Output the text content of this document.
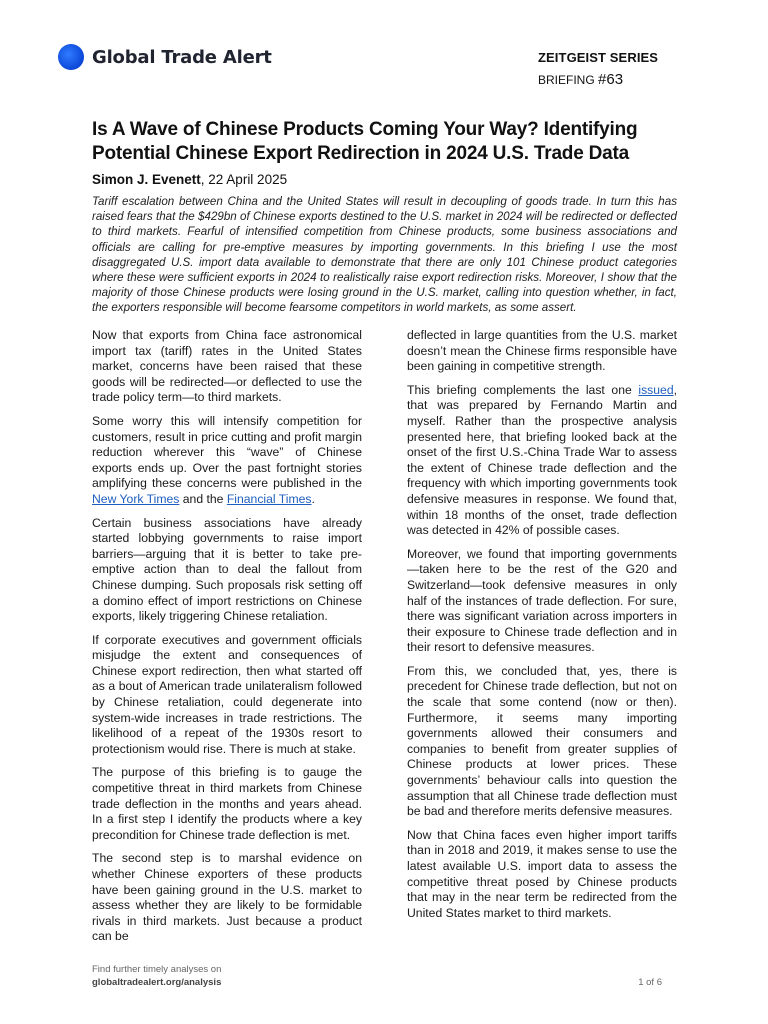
Global Trade Alert	ZEITGEIST SERIES
BRIEFING #63
Is A Wave of Chinese Products Coming Your Way? Identifying Potential Chinese Export Redirection in 2024 U.S. Trade Data
Simon J. Evenett, 22 April 2025

Tariff escalation between China and the United States will result in decoupling of goods trade. In turn this has raised fears that the $429bn of Chinese exports destined to the U.S. market in 2024 will be redirected or deflected to third markets. Fearful of intensified competition from Chinese products, some business associations and officials are calling for pre-emptive measures by importing governments. In this briefing I use the most disaggregated U.S. import data available to demonstrate that there are only 101 Chinese product categories where these were sufficient exports in 2024 to realistically raise export redirection risks. Moreover, I show that the majority of those Chinese products were losing ground in the U.S. market, calling into question whether, in fact, the exporters responsible will become fearsome competitors in world markets, as some assert.

Now that exports from China face astronomical import tax (tariff) rates in the United States market, concerns have been raised that these goods will be redirected—or deflected to use the trade policy term—to third markets.

Some worry this will intensify competition for customers, result in price cutting and profit margin reduction wherever this “wave” of Chinese exports ends up. Over the past fortnight stories amplifying these concerns were published in the New York Times and the Financial Times.

Certain business associations have already started lobbying governments to raise import barriers—arguing that it is better to take pre-emptive action than to deal the fallout from Chinese dumping. Such proposals risk setting off a domino effect of import restrictions on Chinese exports, likely triggering Chinese retaliation.

If corporate executives and government officials misjudge the extent and consequences of Chinese export redirection, then what started off as a bout of American trade unilateralism followed by Chinese retaliation, could degenerate into system-wide increases in trade restrictions. The likelihood of a repeat of the 1930s resort to protectionism would rise. There is much at stake.

The purpose of this briefing is to gauge the competitive threat in third markets from Chinese trade deflection in the months and years ahead. In a first step I identify the products where a key precondition for Chinese trade deflection is met.

The second step is to marshal evidence on whether Chinese exporters of these products have been gaining ground in the U.S. market to assess whether they are likely to be formidable rivals in third markets. Just because a product can be

deflected in large quantities from the U.S. market doesn’t mean the Chinese firms responsible have been gaining in competitive strength.

This briefing complements the last one issued, that was prepared by Fernando Martin and myself. Rather than the prospective analysis presented here, that briefing looked back at the onset of the first U.S.-China Trade War to assess the extent of Chinese trade deflection and the frequency with which importing governments took defensive measures in response. We found that, within 18 months of the onset, trade deflection was detected in 42% of possible cases.

Moreover, we found that importing governments—taken here to be the rest of the G20 and Switzerland—took defensive measures in only half of the instances of trade deflection. For sure, there was significant variation across importers in their exposure to Chinese trade deflection and in their resort to defensive measures.

From this, we concluded that, yes, there is precedent for Chinese trade deflection, but not on the scale that some contend (now or then). Furthermore, it seems many importing governments allowed their consumers and companies to benefit from greater supplies of Chinese products at lower prices. These governments’ behaviour calls into question the assumption that all Chinese trade deflection must be bad and therefore merits defensive measures.

Now that China faces even higher import tariffs than in 2018 and 2019, it makes sense to use the latest available U.S. import data to assess the competitive threat posed by Chinese products that may in the near term be redirected from the United States market to third markets.

Find further timely analyses on
globaltradealert.org/analysis	1 of 6
